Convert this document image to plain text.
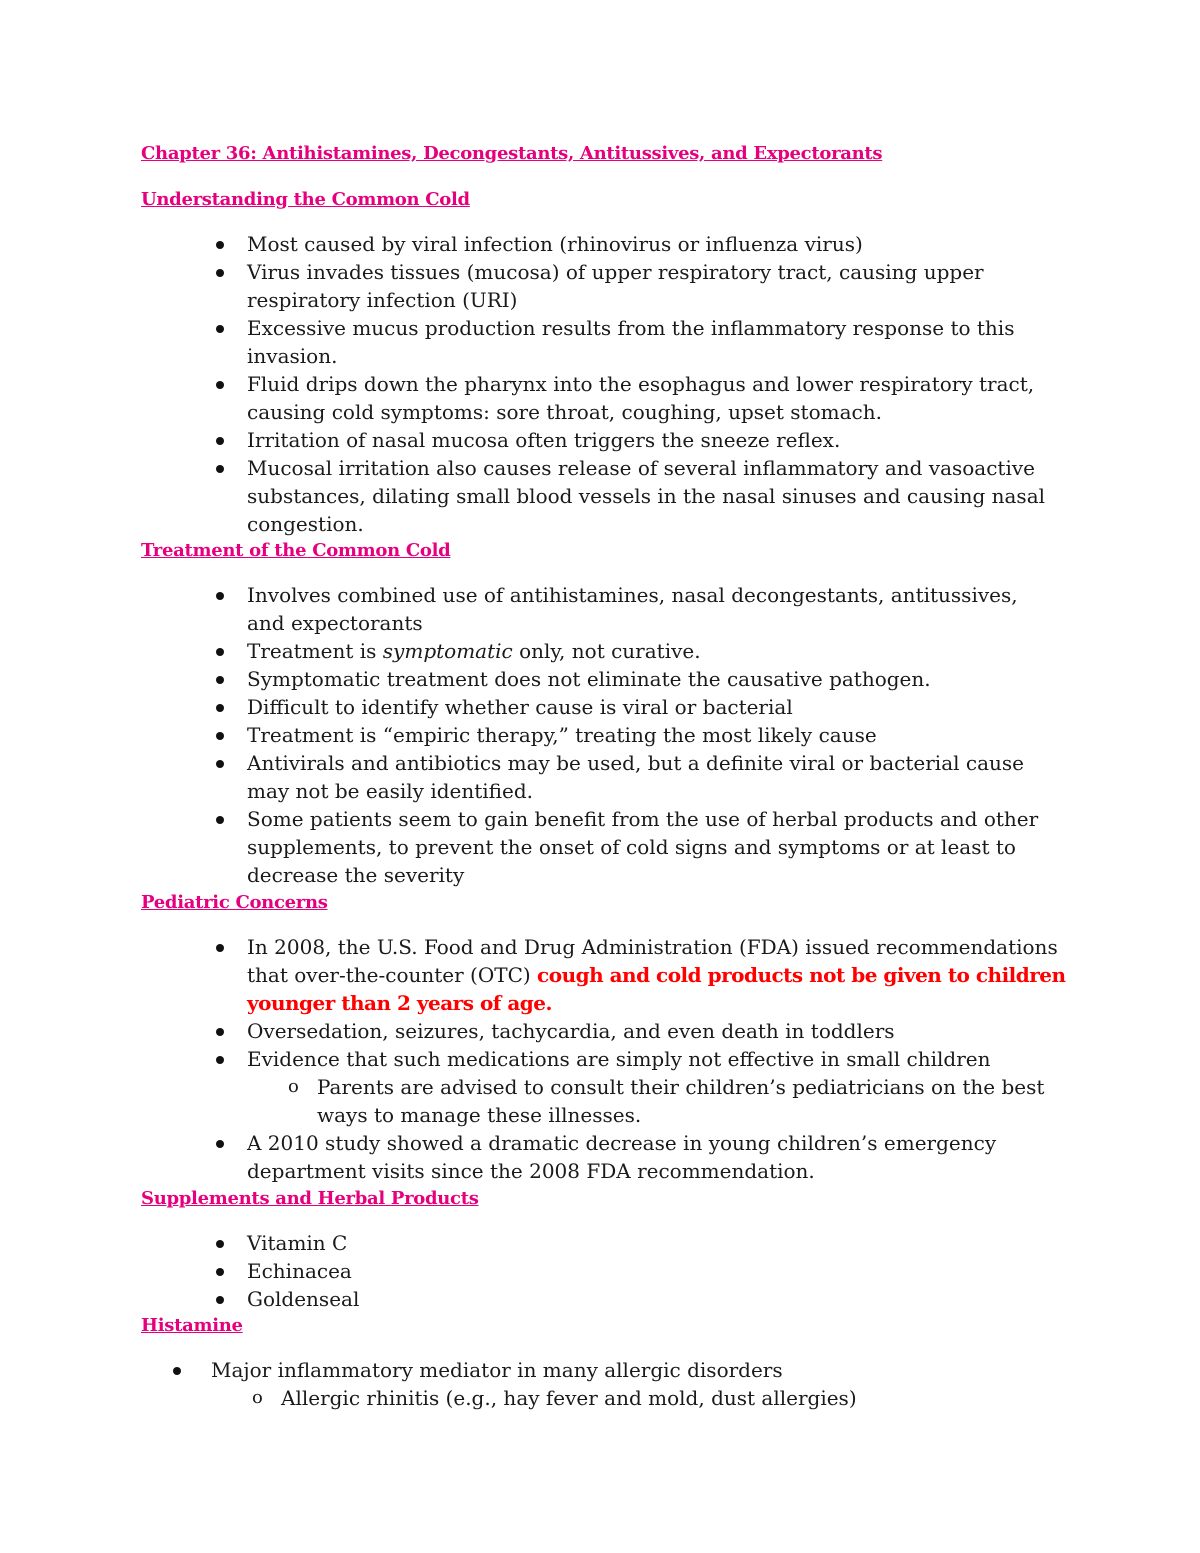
Chapter 36: Antihistamines, Decongestants, Antitussives, and Expectorants
Understanding the Common Cold
Most caused by viral infection (rhinovirus or influenza virus)
Virus invades tissues (mucosa) of upper respiratory tract, causing upper respiratory infection (URI)
Excessive mucus production results from the inflammatory response to this invasion.
Fluid drips down the pharynx into the esophagus and lower respiratory tract, causing cold symptoms: sore throat, coughing, upset stomach.
Irritation of nasal mucosa often triggers the sneeze reflex.
Mucosal irritation also causes release of several inflammatory and vasoactive substances, dilating small blood vessels in the nasal sinuses and causing nasal congestion.
Treatment of the Common Cold
Involves combined use of antihistamines, nasal decongestants, antitussives, and expectorants
Treatment is symptomatic only, not curative.
Symptomatic treatment does not eliminate the causative pathogen.
Difficult to identify whether cause is viral or bacterial
Treatment is “empiric therapy,” treating the most likely cause
Antivirals and antibiotics may be used, but a definite viral or bacterial cause may not be easily identified.
Some patients seem to gain benefit from the use of herbal products and other supplements, to prevent the onset of cold signs and symptoms or at least to decrease the severity
Pediatric Concerns
In 2008, the U.S. Food and Drug Administration (FDA) issued recommendations that over-the-counter (OTC) cough and cold products not be given to children younger than 2 years of age.
Oversedation, seizures, tachycardia, and even death in toddlers
Evidence that such medications are simply not effective in small children
o Parents are advised to consult their children’s pediatricians on the best ways to manage these illnesses.
A 2010 study showed a dramatic decrease in young children’s emergency department visits since the 2008 FDA recommendation.
Supplements and Herbal Products
Vitamin C
Echinacea
Goldenseal
Histamine
Major inflammatory mediator in many allergic disorders
o Allergic rhinitis (e.g., hay fever and mold, dust allergies)
